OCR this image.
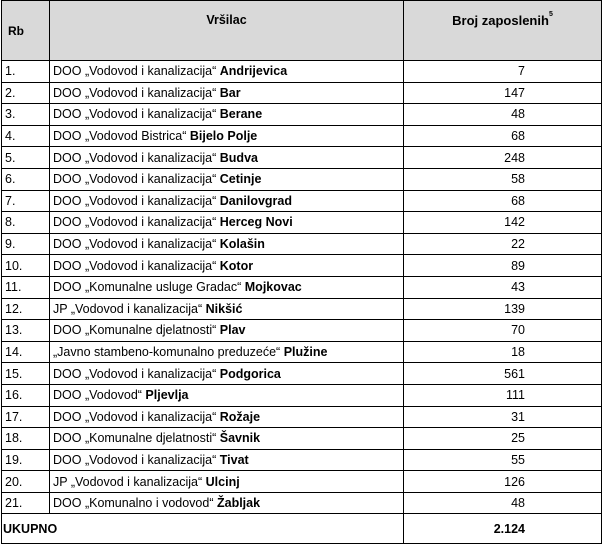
Rb	Vršilac	Broj zaposlenih$^5$
1.	DOO „Vodovod i kanalizacija“ Andrijevica	7
2.	DOO „Vodovod i kanalizacija“ Bar	147
3.	DOO „Vodovod i kanalizacija“ Berane	48
4.	DOO „Vodovod Bistrica“ Bijelo Polje	68
5.	DOO „Vodovod i kanalizacija“ Budva	248
6.	DOO „Vodovod i kanalizacija“ Cetinje	58
7.	DOO „Vodovod i kanalizacija“ Danilovgrad	68
8.	DOO „Vodovod i kanalizacija“ Herceg Novi	142
9.	DOO „Vodovod i kanalizacija“ Kolašin	22
10.	DOO „Vodovod i kanalizacija“ Kotor	89
11.	DOO „Komunalne usluge Gradac“ Mojkovac	43
12.	JP „Vodovod i kanalizacija“ Nikšić	139
13.	DOO „Komunalne djelatnosti“ Plav	70
14.	„Javno stambeno-komunalno preduzeće“ Plužine	18
15.	DOO „Vodovod i kanalizacija“ Podgorica	561
16.	DOO „Vodovod“ Pljevlja	111
17.	DOO „Vodovod i kanalizacija“ Rožaje	31
18.	DOO „Komunalne djelatnosti“ Šavnik	25
19.	DOO „Vodovod i kanalizacija“ Tivat	55
20.	JP „Vodovod i kanalizacija“ Ulcinj	126
21.	DOO „Komunalno i vodovod“ Žabljak	48
UKUPNO		2.124
